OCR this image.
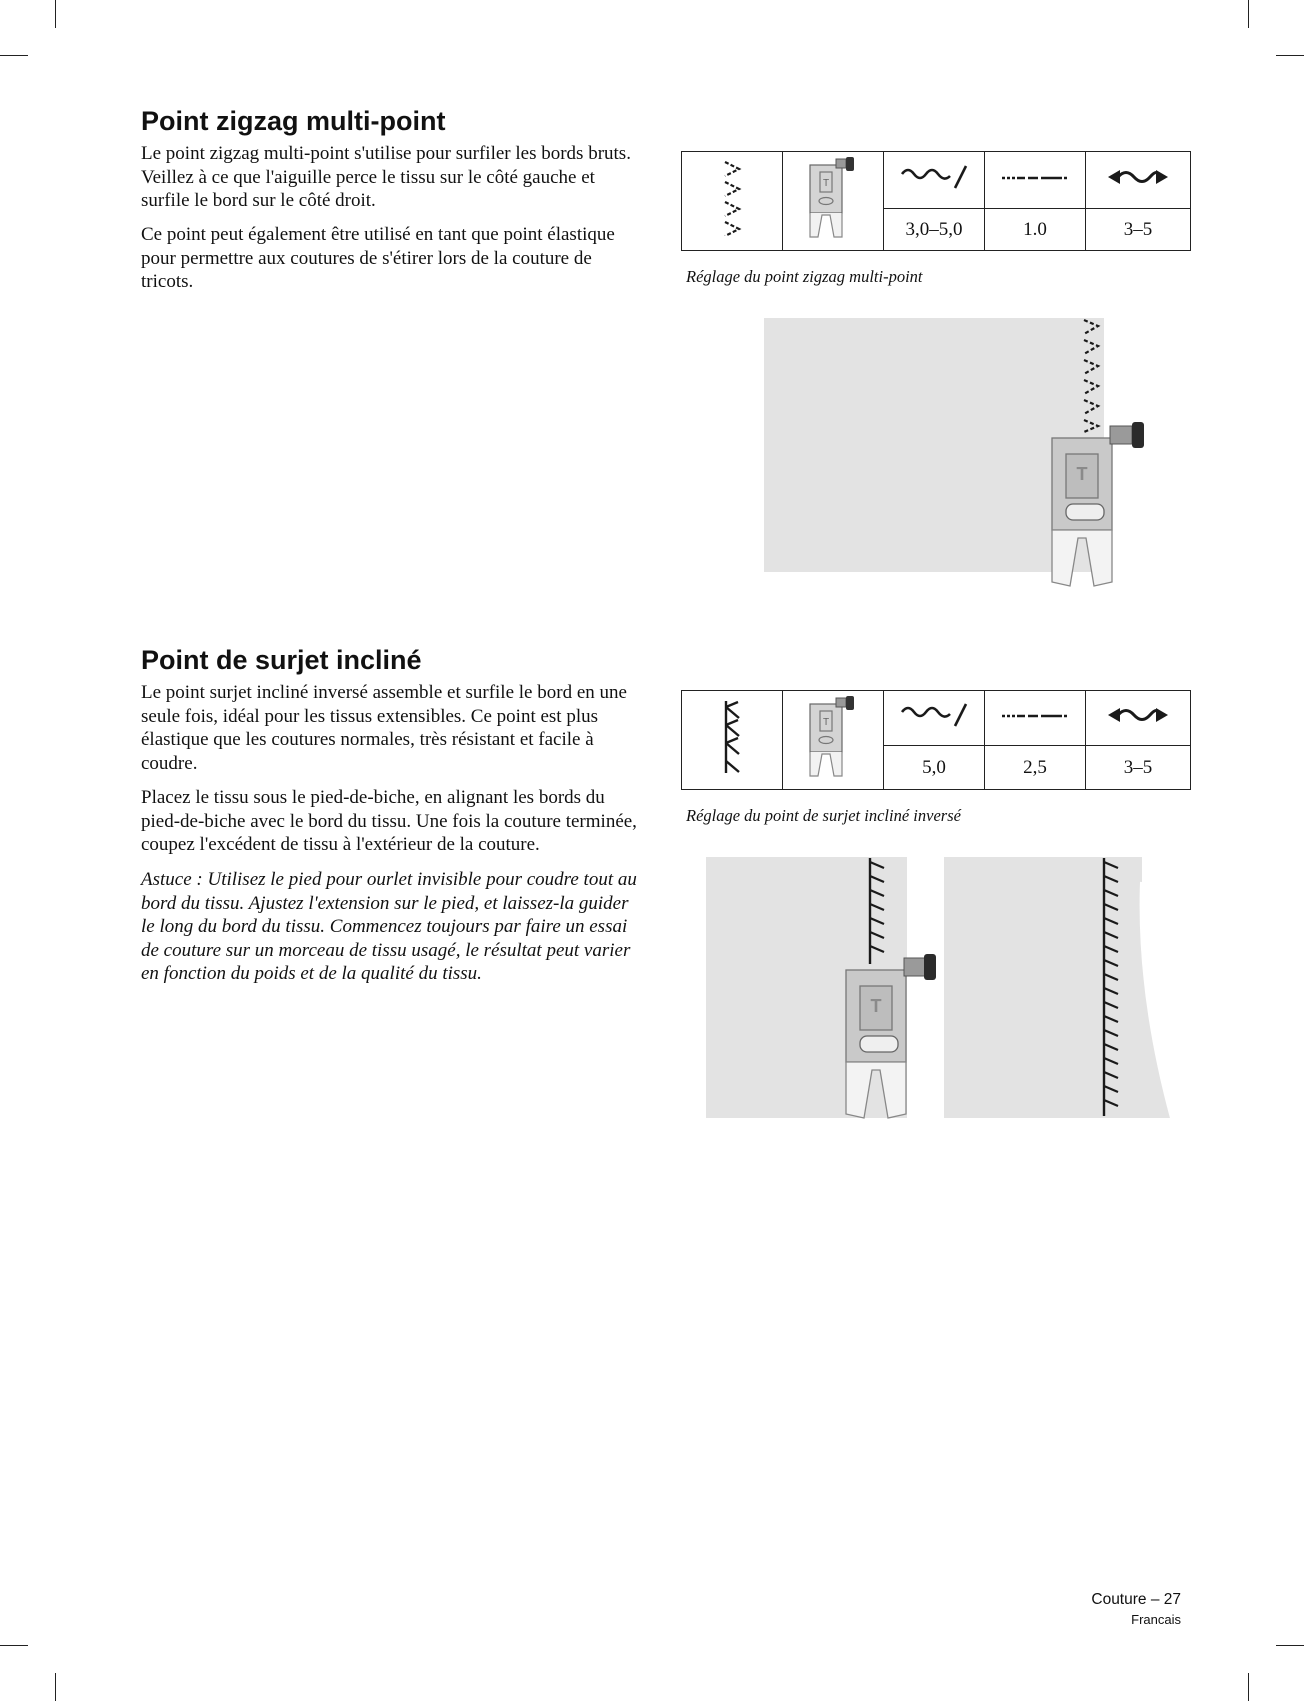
Point zigzag multi-point

Le point zigzag multi-point s'utilise pour surfiler les bords bruts. Veillez à ce que l'aiguille perce le tissu sur le côté gauche et surfile le bord sur le côté droit.

Ce point peut également être utilisé en tant que point élastique pour permettre aux coutures de s'étirer lors de la couture de tricots.

T

		3,0–5,0	1.0	3–5

Réglage du point zigzag multi-point

T
Point de surjet incliné

Le point surjet incliné inversé assemble et surfile le bord en une seule fois, idéal pour les tissus extensibles. Ce point est plus élastique que les coutures normales, très résistant et facile à coudre.

Placez le tissu sous le pied-de-biche, en alignant les bords du pied-de-biche avec le bord du tissu. Une fois la couture terminée, coupez l'excédent de tissu à l'extérieur de la couture.

Astuce : Utilisez le pied pour ourlet invisible pour coudre tout au bord du tissu. Ajustez l'extension sur le pied, et laissez-la guider le long du bord du tissu. Commencez toujours par faire un essai de couture sur un morceau de tissu usagé, le résultat peut varier en fonction du poids et de la qualité du tissu.

T

		5,0	2,5	3–5

Réglage du point de surjet incliné inversé

T
Couture – 27
Francais
